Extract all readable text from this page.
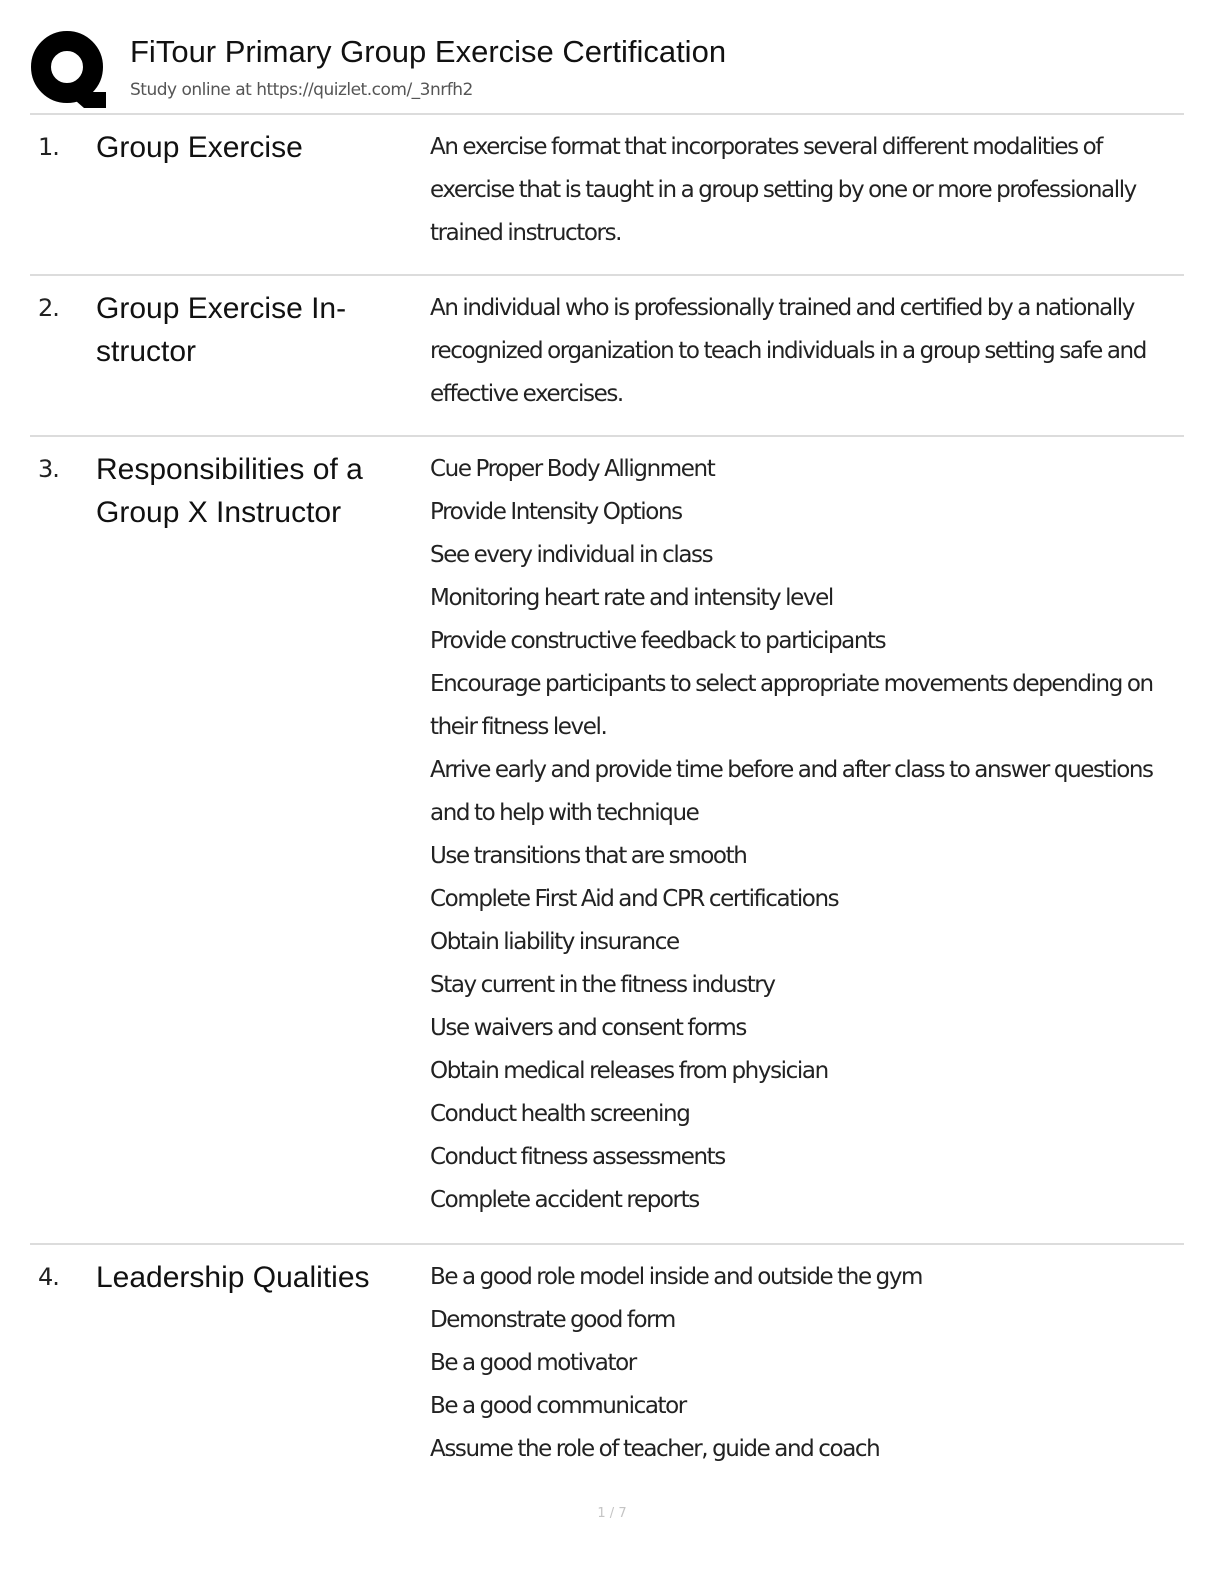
FiTour Primary Group Exercise Certification
Study online at https://quizlet.com/_3nrfh2
1. Group Exercise	An exercise format that incorporates several different modalities of exercise that is taught in a group setting by one or more professionally trained instructors.
2. Group Exercise In-structor
An individual who is professionally trained and certified by a nationally recognized organization to teach individuals in a group setting safe and effective exercises.
3. Responsibilities of a Group X Instructor
Cue Proper Body Allignment
Provide Intensity Options
See every individual in class
Monitoring heart rate and intensity level
Provide constructive feedback to participants
Encourage participants to select appropriate movements depending on their fitness level.
Arrive early and provide time before and after class to answer questions and to help with technique
Use transitions that are smooth
Complete First Aid and CPR certifications
Obtain liability insurance
Stay current in the fitness industry
Use waivers and consent forms
Obtain medical releases from physician
Conduct health screening
Conduct fitness assessments
Complete accident reports
4. Leadership Qualities	Be a good role model inside and outside the gym
Demonstrate good form
Be a good motivator
Be a good communicator
Assume the role of teacher, guide and coach
1 / 7
